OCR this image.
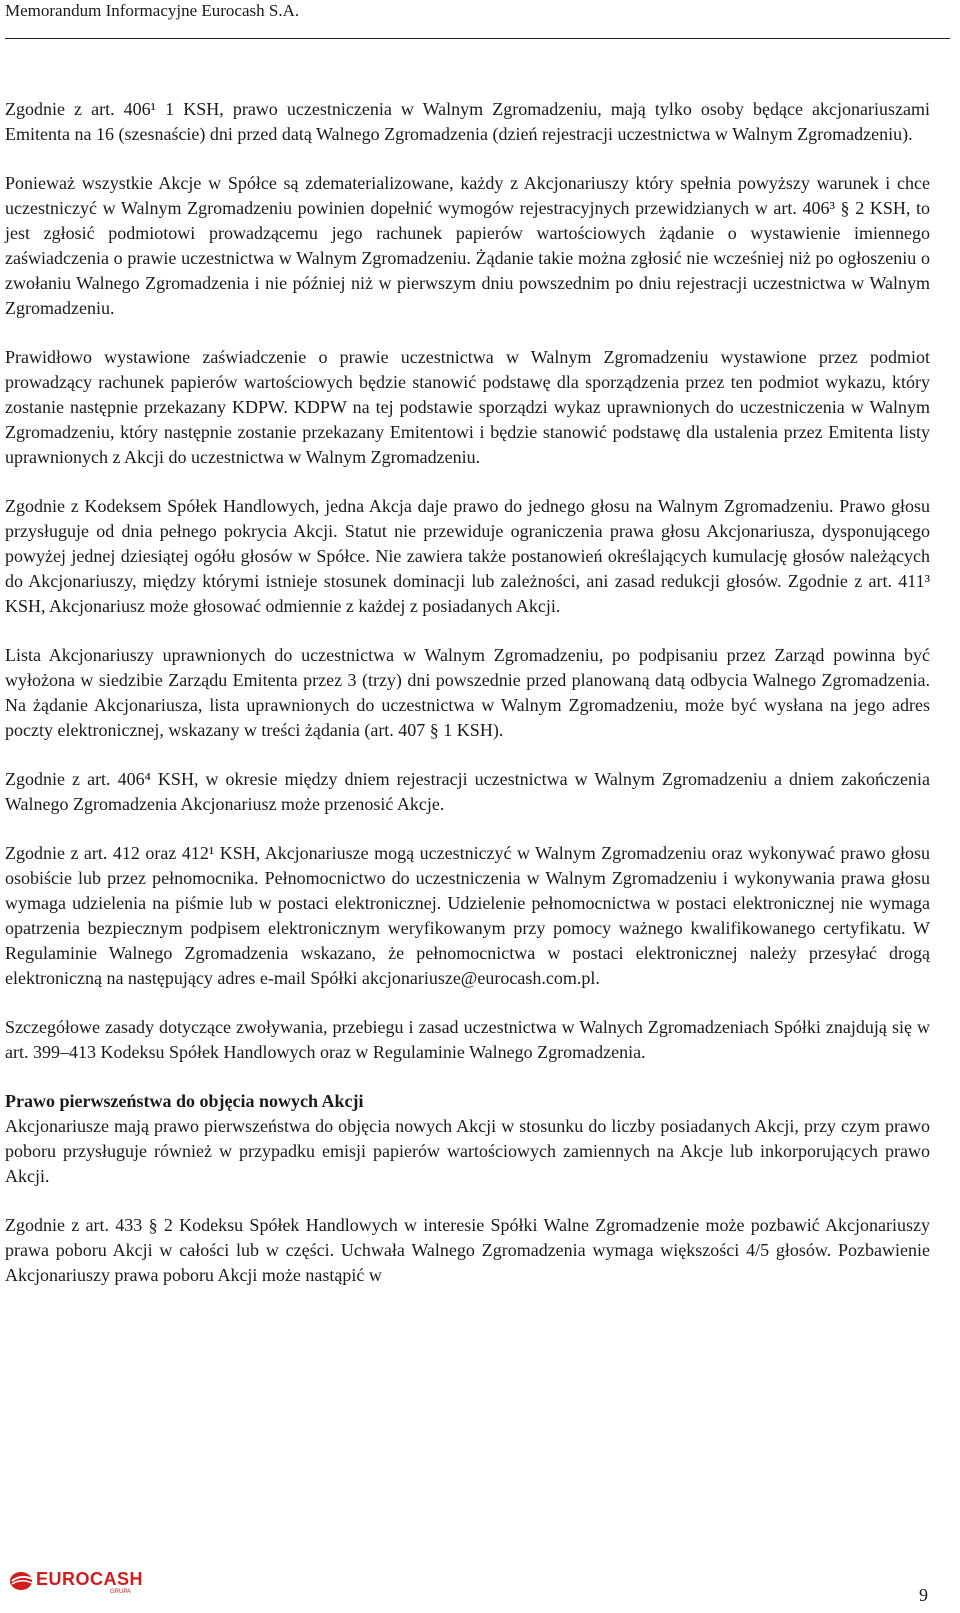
Memorandum Informacyjne Eurocash S.A.

Zgodnie z art. 406¹ 1 KSH, prawo uczestniczenia w Walnym Zgromadzeniu, mają tylko osoby będące akcjonariuszami Emitenta na 16 (szesnaście) dni przed datą Walnego Zgromadzenia (dzień rejestracji uczestnictwa w Walnym Zgromadzeniu).

Ponieważ wszystkie Akcje w Spółce są zdematerializowane, każdy z Akcjonariuszy który spełnia powyższy warunek i chce uczestniczyć w Walnym Zgromadzeniu powinien dopełnić wymogów rejestracyjnych przewidzianych w art. 406³ § 2 KSH, to jest zgłosić podmiotowi prowadzącemu jego rachunek papierów wartościowych żądanie o wystawienie imiennego zaświadczenia o prawie uczestnictwa w Walnym Zgromadzeniu. Żądanie takie można zgłosić nie wcześniej niż po ogłoszeniu o zwołaniu Walnego Zgromadzenia i nie później niż w pierwszym dniu powszednim po dniu rejestracji uczestnictwa w Walnym Zgromadzeniu.

Prawidłowo wystawione zaświadczenie o prawie uczestnictwa w Walnym Zgromadzeniu wystawione przez podmiot prowadzący rachunek papierów wartościowych będzie stanowić podstawę dla sporządzenia przez ten podmiot wykazu, który zostanie następnie przekazany KDPW. KDPW na tej podstawie sporządzi wykaz uprawnionych do uczestniczenia w Walnym Zgromadzeniu, który następnie zostanie przekazany Emitentowi i będzie stanowić podstawę dla ustalenia przez Emitenta listy uprawnionych z Akcji do uczestnictwa w Walnym Zgromadzeniu.

Zgodnie z Kodeksem Spółek Handlowych, jedna Akcja daje prawo do jednego głosu na Walnym Zgromadzeniu. Prawo głosu przysługuje od dnia pełnego pokrycia Akcji. Statut nie przewiduje ograniczenia prawa głosu Akcjonariusza, dysponującego powyżej jednej dziesiątej ogółu głosów w Spółce. Nie zawiera także postanowień określających kumulację głosów należących do Akcjonariuszy, między którymi istnieje stosunek dominacji lub zależności, ani zasad redukcji głosów. Zgodnie z art. 411³ KSH, Akcjonariusz może głosować odmiennie z każdej z posiadanych Akcji.

Lista Akcjonariuszy uprawnionych do uczestnictwa w Walnym Zgromadzeniu, po podpisaniu przez Zarząd powinna być wyłożona w siedzibie Zarządu Emitenta przez 3 (trzy) dni powszednie przed planowaną datą odbycia Walnego Zgromadzenia. Na żądanie Akcjonariusza, lista uprawnionych do uczestnictwa w Walnym Zgromadzeniu, może być wysłana na jego adres poczty elektronicznej, wskazany w treści żądania (art. 407 § 1 KSH).

Zgodnie z art. 406⁴ KSH, w okresie między dniem rejestracji uczestnictwa w Walnym Zgromadzeniu a dniem zakończenia Walnego Zgromadzenia Akcjonariusz może przenosić Akcje.

Zgodnie z art. 412 oraz 412¹ KSH, Akcjonariusze mogą uczestniczyć w Walnym Zgromadzeniu oraz wykonywać prawo głosu osobiście lub przez pełnomocnika. Pełnomocnictwo do uczestniczenia w Walnym Zgromadzeniu i wykonywania prawa głosu wymaga udzielenia na piśmie lub w postaci elektronicznej. Udzielenie pełnomocnictwa w postaci elektronicznej nie wymaga opatrzenia bezpiecznym podpisem elektronicznym weryfikowanym przy pomocy ważnego kwalifikowanego certyfikatu. W Regulaminie Walnego Zgromadzenia wskazano, że pełnomocnictwa w postaci elektronicznej należy przesyłać drogą elektroniczną na następujący adres e-mail Spółki akcjonariusze@eurocash.com.pl.

Szczegółowe zasady dotyczące zwoływania, przebiegu i zasad uczestnictwa w Walnych Zgromadzeniach Spółki znajdują się w art. 399–413 Kodeksu Spółek Handlowych oraz w Regulaminie Walnego Zgromadzenia.

Prawo pierwszeństwa do objęcia nowych Akcji

Akcjonariusze mają prawo pierwszeństwa do objęcia nowych Akcji w stosunku do liczby posiadanych Akcji, przy czym prawo poboru przysługuje również w przypadku emisji papierów wartościowych zamiennych na Akcje lub inkorporujących prawo Akcji.

Zgodnie z art. 433 § 2 Kodeksu Spółek Handlowych w interesie Spółki Walne Zgromadzenie może pozbawić Akcjonariuszy prawa poboru Akcji w całości lub w części. Uchwała Walnego Zgromadzenia wymaga większości 4/5 głosów. Pozbawienie Akcjonariuszy prawa poboru Akcji może nastąpić w

EUROCASH
GRUPA	9
